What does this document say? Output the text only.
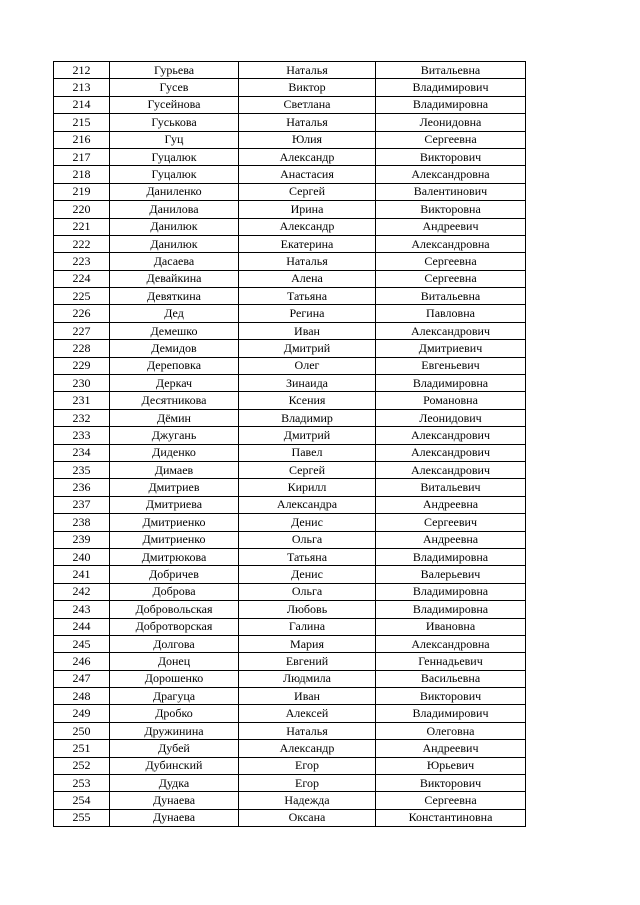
212	Гурьева	Наталья	Витальевна
213	Гусев	Виктор	Владимирович
214	Гусейнова	Светлана	Владимировна
215	Гуськова	Наталья	Леонидовна
216	Гуц	Юлия	Сергеевна
217	Гуцалюк	Александр	Викторович
218	Гуцалюк	Анастасия	Александровна
219	Даниленко	Сергей	Валентинович
220	Данилова	Ирина	Викторовна
221	Данилюк	Александр	Андреевич
222	Данилюк	Екатерина	Александровна
223	Дасаева	Наталья	Сергеевна
224	Девайкина	Алена	Сергеевна
225	Девяткина	Татьяна	Витальевна
226	Дед	Регина	Павловна
227	Демешко	Иван	Александрович
228	Демидов	Дмитрий	Дмитриевич
229	Дереповка	Олег	Евгеньевич
230	Деркач	Зинаида	Владимировна
231	Десятникова	Ксения	Романовна
232	Дёмин	Владимир	Леонидович
233	Джугань	Дмитрий	Александрович
234	Диденко	Павел	Александрович
235	Димаев	Сергей	Александрович
236	Дмитриев	Кирилл	Витальевич
237	Дмитриева	Александра	Андреевна
238	Дмитриенко	Денис	Сергеевич
239	Дмитриенко	Ольга	Андреевна
240	Дмитрюкова	Татьяна	Владимировна
241	Добричев	Денис	Валерьевич
242	Доброва	Ольга	Владимировна
243	Добровольская	Любовь	Владимировна
244	Добротворская	Галина	Ивановна
245	Долгова	Мария	Александровна
246	Донец	Евгений	Геннадьевич
247	Дорошенко	Людмила	Васильевна
248	Драгуца	Иван	Викторович
249	Дробко	Алексей	Владимирович
250	Дружинина	Наталья	Олеговна
251	Дубей	Александр	Андреевич
252	Дубинский	Егор	Юрьевич
253	Дудка	Егор	Викторович
254	Дунаева	Надежда	Сергеевна
255	Дунаева	Оксана	Константиновна
